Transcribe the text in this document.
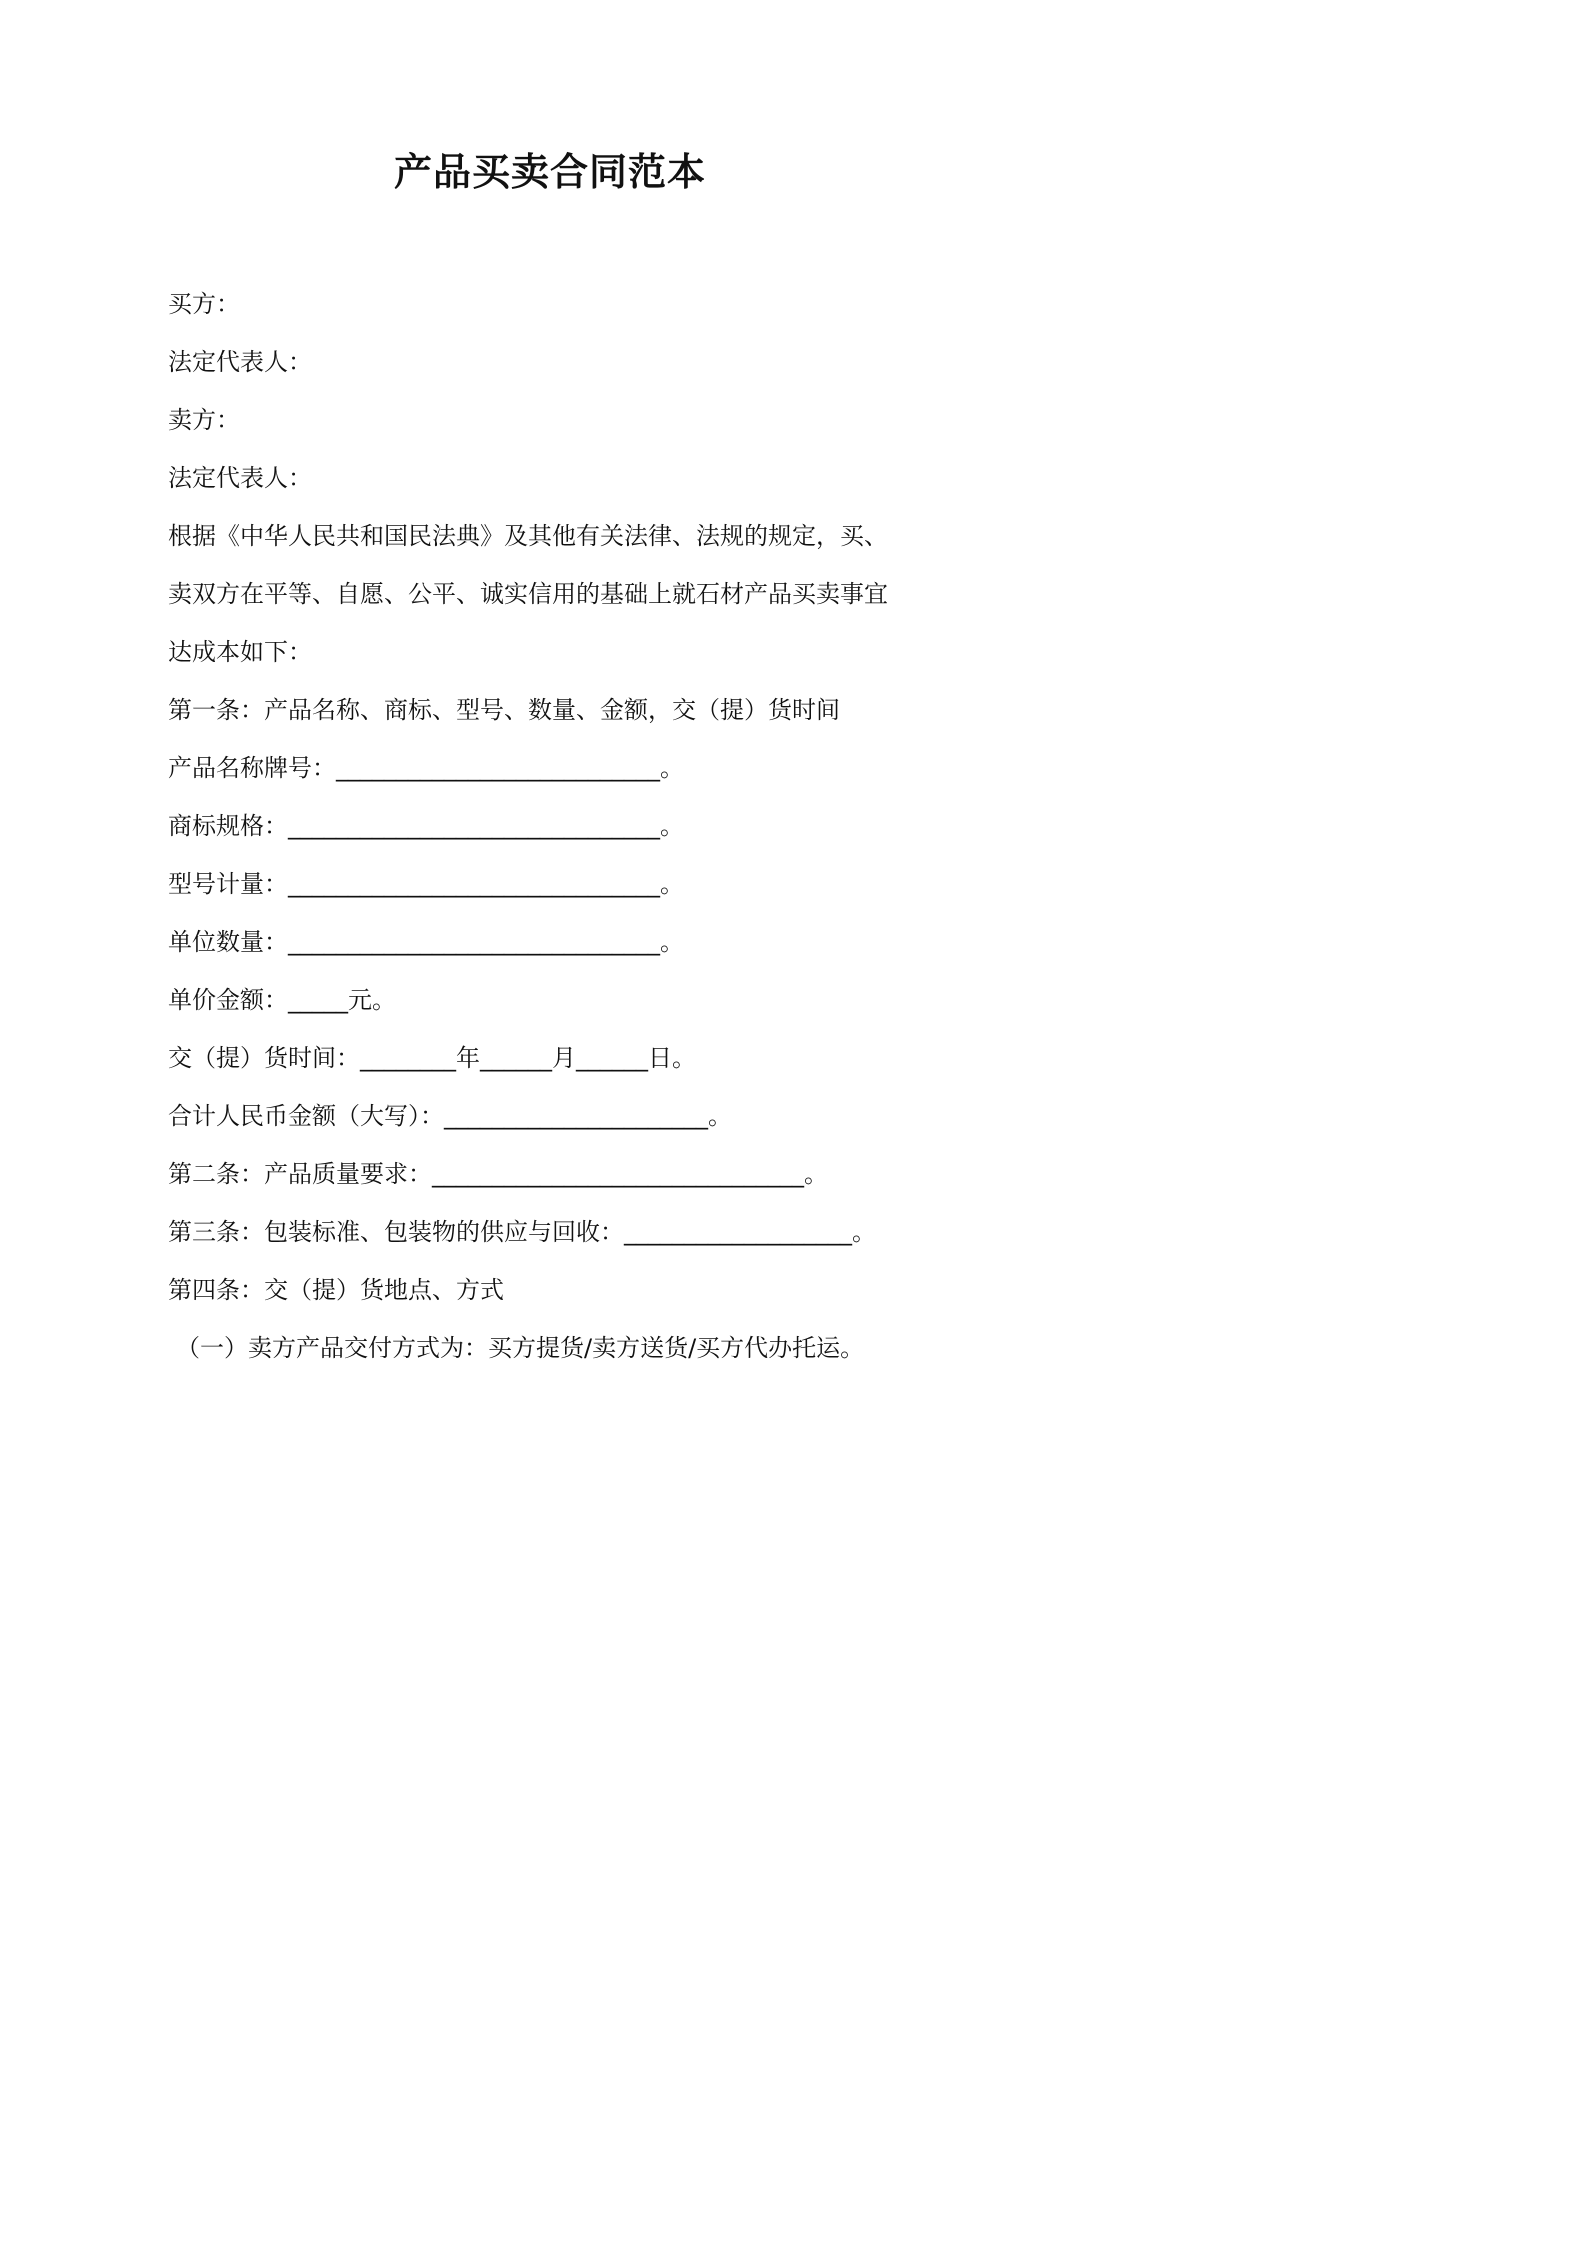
产品买卖合同范本
买方：
法定代表人：
卖方：
法定代表人：
根据《中华人民共和国民法典》及其他有关法律、法规的规定，买、
卖双方在平等、自愿、公平、诚实信用的基础上就石材产品买卖事宜
达成本如下：
第一条：产品名称、商标、型号、数量、金额，交（提）货时间
产品名称牌号：___________________________。
商标规格：_______________________________。
型号计量：_______________________________。
单位数量：_______________________________。
单价金额：_____元。
交（提）货时间：________年______月______日。
合计人民币金额（大写）：______________________。
第二条：产品质量要求：_______________________________。
第三条：包装标准、包装物的供应与回收：___________________。
第四条：交（提）货地点、方式
（一）卖方产品交付方式为：买方提货/卖方送货/买方代办托运。
